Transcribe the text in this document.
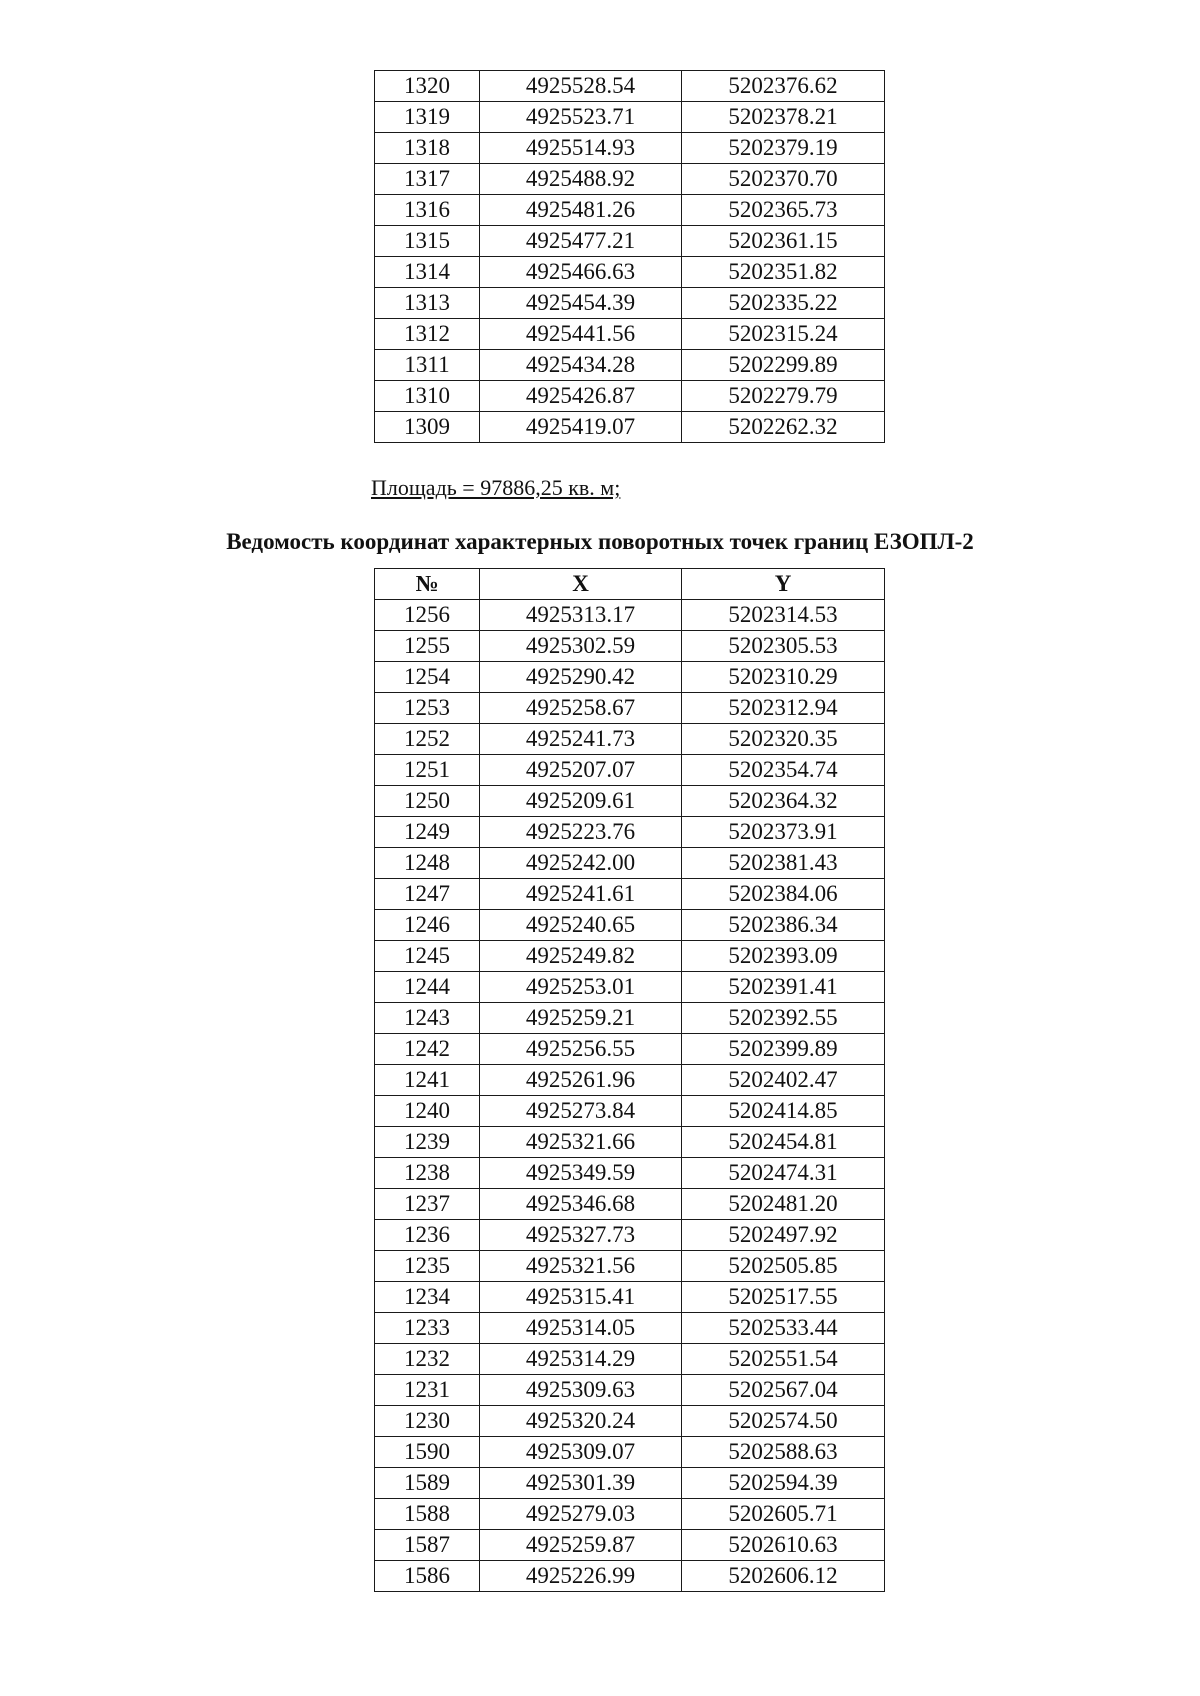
1320	4925528.54	5202376.62
1319	4925523.71	5202378.21
1318	4925514.93	5202379.19
1317	4925488.92	5202370.70
1316	4925481.26	5202365.73
1315	4925477.21	5202361.15
1314	4925466.63	5202351.82
1313	4925454.39	5202335.22
1312	4925441.56	5202315.24
1311	4925434.28	5202299.89
1310	4925426.87	5202279.79
1309	4925419.07	5202262.32
Площадь = 97886,25 кв. м;
Ведомость координат характерных поворотных точек границ ЕЗОПЛ-2
№	X	Y
1256	4925313.17	5202314.53
1255	4925302.59	5202305.53
1254	4925290.42	5202310.29
1253	4925258.67	5202312.94
1252	4925241.73	5202320.35
1251	4925207.07	5202354.74
1250	4925209.61	5202364.32
1249	4925223.76	5202373.91
1248	4925242.00	5202381.43
1247	4925241.61	5202384.06
1246	4925240.65	5202386.34
1245	4925249.82	5202393.09
1244	4925253.01	5202391.41
1243	4925259.21	5202392.55
1242	4925256.55	5202399.89
1241	4925261.96	5202402.47
1240	4925273.84	5202414.85
1239	4925321.66	5202454.81
1238	4925349.59	5202474.31
1237	4925346.68	5202481.20
1236	4925327.73	5202497.92
1235	4925321.56	5202505.85
1234	4925315.41	5202517.55
1233	4925314.05	5202533.44
1232	4925314.29	5202551.54
1231	4925309.63	5202567.04
1230	4925320.24	5202574.50
1590	4925309.07	5202588.63
1589	4925301.39	5202594.39
1588	4925279.03	5202605.71
1587	4925259.87	5202610.63
1586	4925226.99	5202606.12
